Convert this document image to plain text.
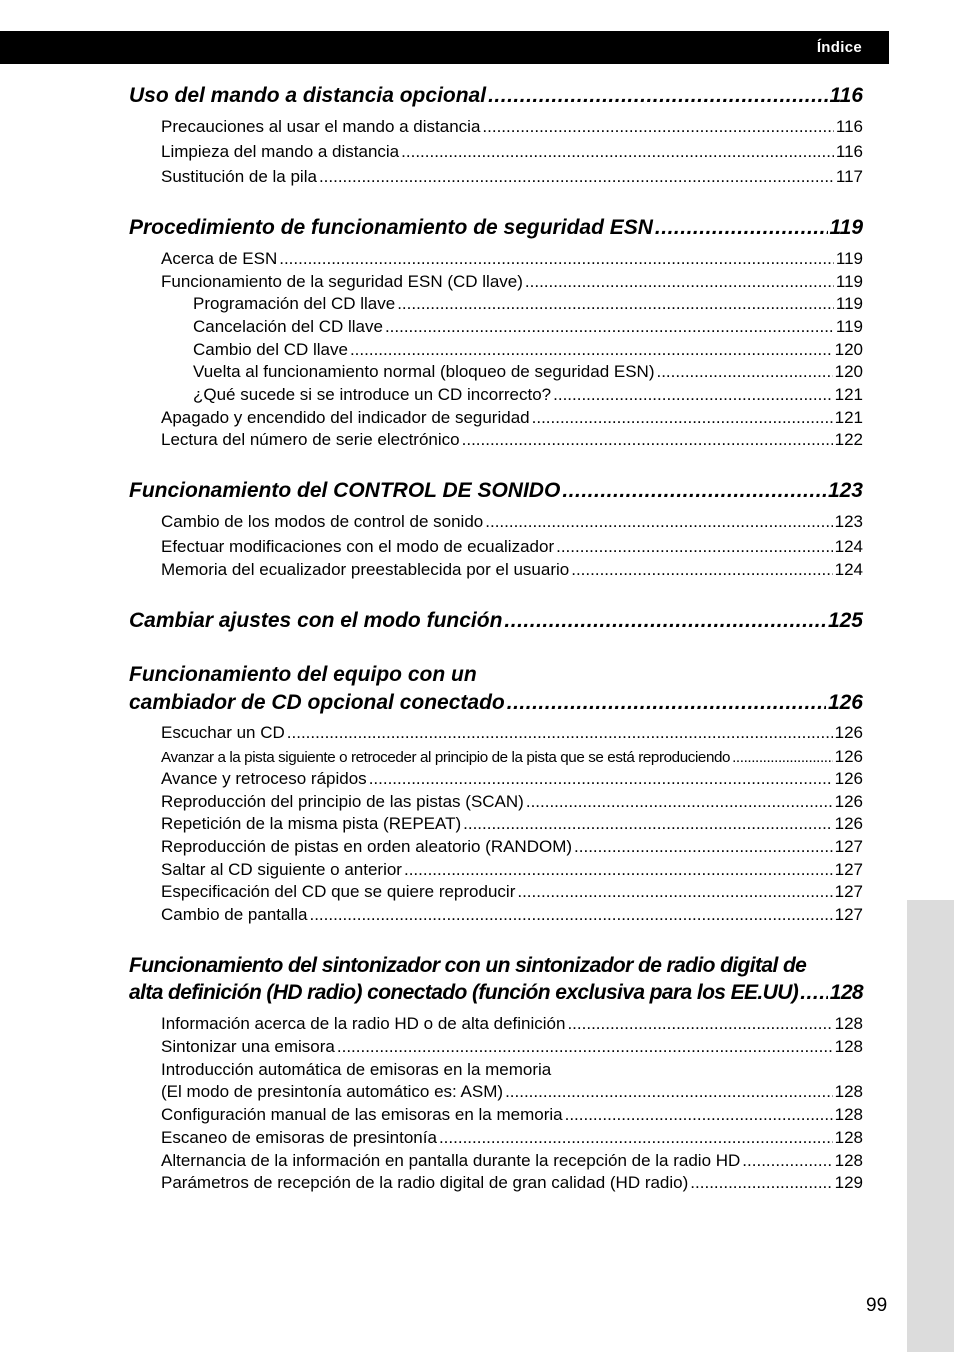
Índice
Uso del mando a distancia opcional .....	116
Precauciones al usar el mando a distancia .....	116
Limpieza del mando a distancia .....	116
Sustitución de la pila .....	117
Procedimiento de funcionamiento de seguridad ESN .....	119
Acerca de ESN .....	119
Funcionamiento de la seguridad ESN (CD llave) .....	119
Programación del CD llave .....	119
Cancelación del CD llave .....	119
Cambio del CD llave .....	120
Vuelta al funcionamiento normal (bloqueo de seguridad ESN) .....	120
¿Qué sucede si se introduce un CD incorrecto? .....	121
Apagado y encendido del indicador de seguridad .....	121
Lectura del número de serie electrónico .....	122
Funcionamiento del CONTROL DE SONIDO .....	123
Cambio de los modos de control de sonido .....	123
Efectuar modificaciones con el modo de ecualizador .....	124
Memoria del ecualizador preestablecida por el usuario .....	124
Cambiar ajustes con el modo función .....	125
Funcionamiento del equipo con un
cambiador de CD opcional conectado .....	126
Escuchar un CD .....	126
Avanzar a la pista siguiente o retroceder al principio de la pista que se está reproduciendo .....	126
Avance y retroceso rápidos .....	126
Reproducción del principio de las pistas (SCAN) .....	126
Repetición de la misma pista (REPEAT) .....	126
Reproducción de pistas en orden aleatorio (RANDOM) .....	127
Saltar al CD siguiente o anterior .....	127
Especificación del CD que se quiere reproducir .....	127
Cambio de pantalla .....	127
Funcionamiento del sintonizador con un sintonizador de radio digital de
alta definición (HD radio) conectado (función exclusiva para los EE.UU) ..... 128
Información acerca de la radio HD o de alta definición .....	128
Sintonizar una emisora .....	128
Introducción automática de emisoras en la memoria
(El modo de presintonía automático es: ASM) .....	128
Configuración manual de las emisoras en la memoria .....	128
Escaneo de emisoras de presintonía .....	128
Alternancia de la información en pantalla durante la recepción de la radio HD .....	128
Parámetros de recepción de la radio digital de gran calidad (HD radio) .....	129
99
